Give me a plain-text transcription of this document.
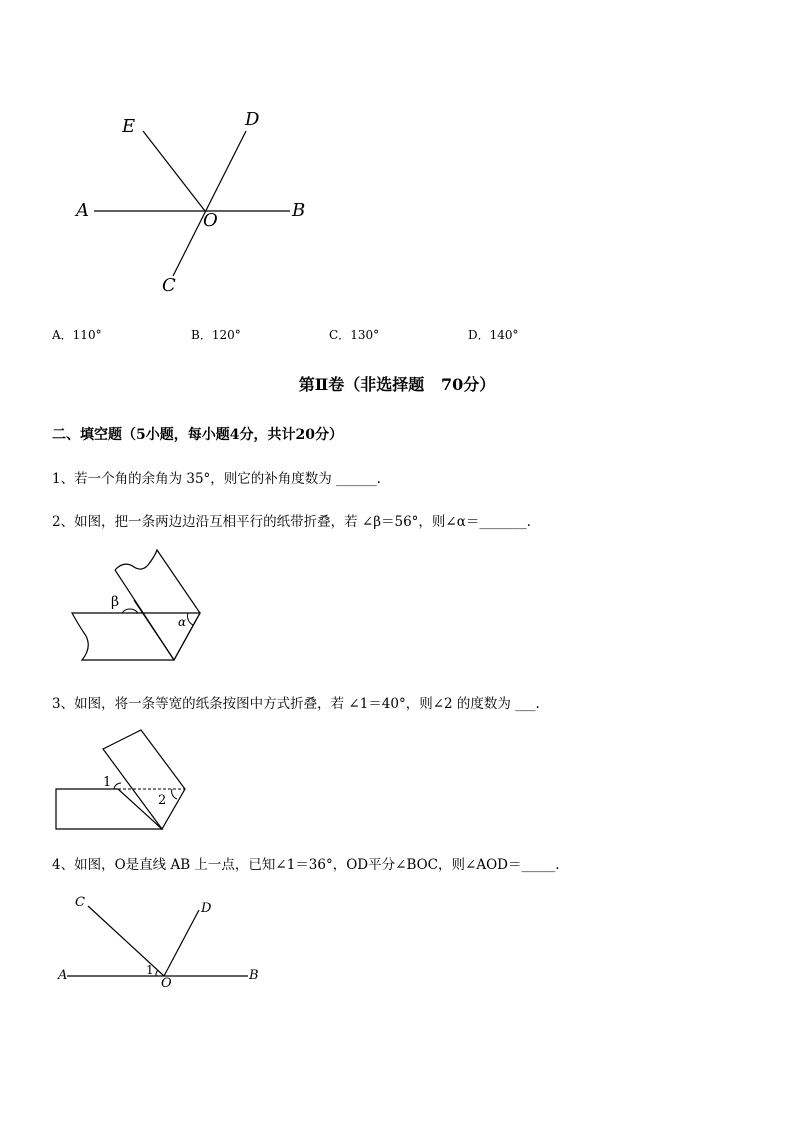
E	D
A	O	B
C
A．110°	B．120°	C．130°	D．140°
第Ⅱ卷（非选择题   70分）
二、填空题（5小题，每小题4分，共计20分）
1、若一个角的余角为 35°，则它的补角度数为 ______.
2、如图，把一条两边边沿互相平行的纸带折叠，若 ∠β＝56°，则∠α＝_______.
β
α
3、如图，将一条等宽的纸条按图中方式折叠，若 ∠1＝40°，则∠2 的度数为 ___.
1
2
4、如图，O是直线 AB 上一点，已知∠1＝36°，OD平分∠BOC，则∠AOD＝_____.
C	D
A	1
O
B
